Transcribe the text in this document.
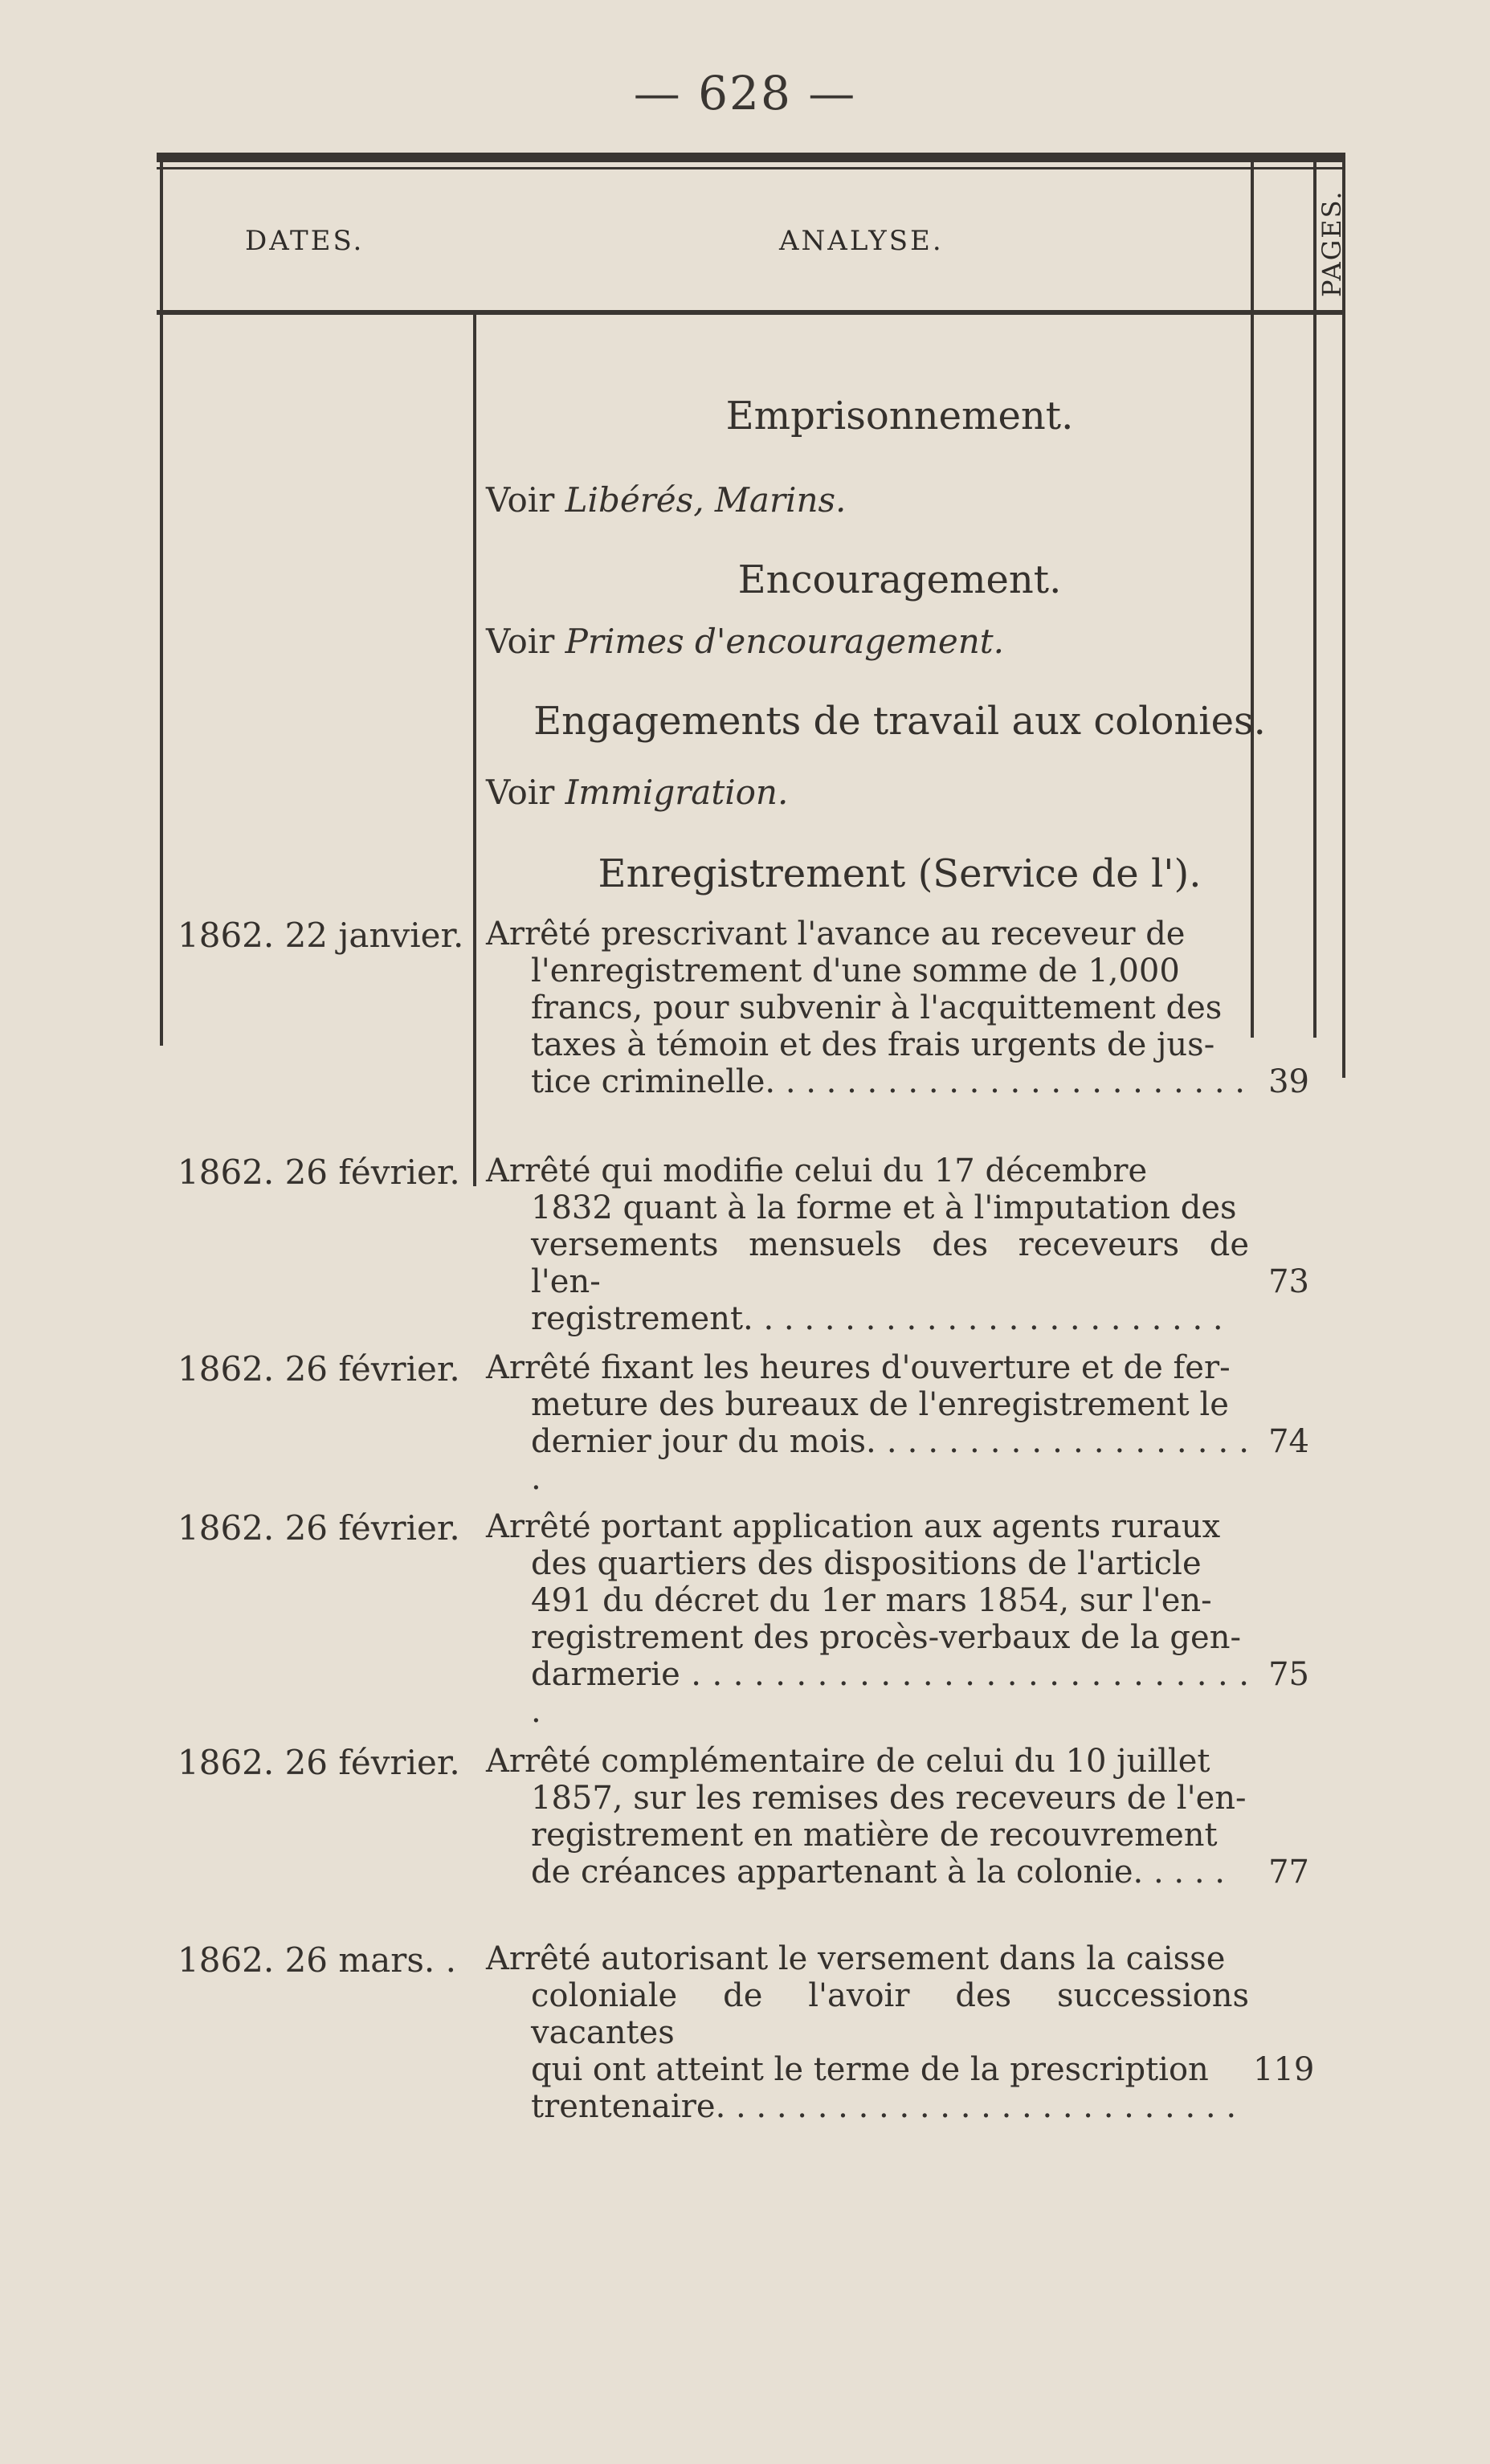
— 628 —
DATES.	ANALYSE.	PAGES.
Emprisonnement.
Voir Libérés, Marins.
Encouragement.
Voir Primes d'encouragement.
Engagements de travail aux colonies.
Voir Immigration.
Enregistrement (Service de l').
1862. 22 janvier. Arrêté prescrivant l'avance au receveur de
l'enregistrement d'une somme de 1,000
francs, pour subvenir à l'acquittement des
taxes à témoin et des frais urgents de jus-
tice criminelle. . . . . . . . . . . . . . . . . . . . . . . . 39
1862. 26 février. Arrêté qui modifie celui du 17 décembre
1832 quant à la forme et à l'imputation des
versements mensuels des receveurs de l'en-
registrement. . . . . . . . . . . . . . . . . . . . . . . .
73
1862. 26 février. Arrêté fixant les heures d'ouverture et de fer-
meture des bureaux de l'enregistrement le
dernier jour du mois. . . . . . . . . . . . . . . . . . . .
74
1862. 26 février. Arrêté portant application aux agents ruraux
des quartiers des dispositions de l'article
491 du décret du 1er mars 1854, sur l'en-
registrement des procès-verbaux de la gen-
darmerie . . . . . . . . . . . . . . . . . . . . . . . . . . . .
75
1862. 26 février. Arrêté complémentaire de celui du 10 juillet
1857, sur les remises des receveurs de l'en-
registrement en matière de recouvrement
de créances appartenant à la colonie. . . . .	77
1862. 26 mars. . Arrêté autorisant le versement dans la caisse
coloniale de l'avoir des successions vacantes
qui ont atteint le terme de la prescription
trentenaire. . . . . . . . . . . . . . . . . . . . . . . . . .
119
